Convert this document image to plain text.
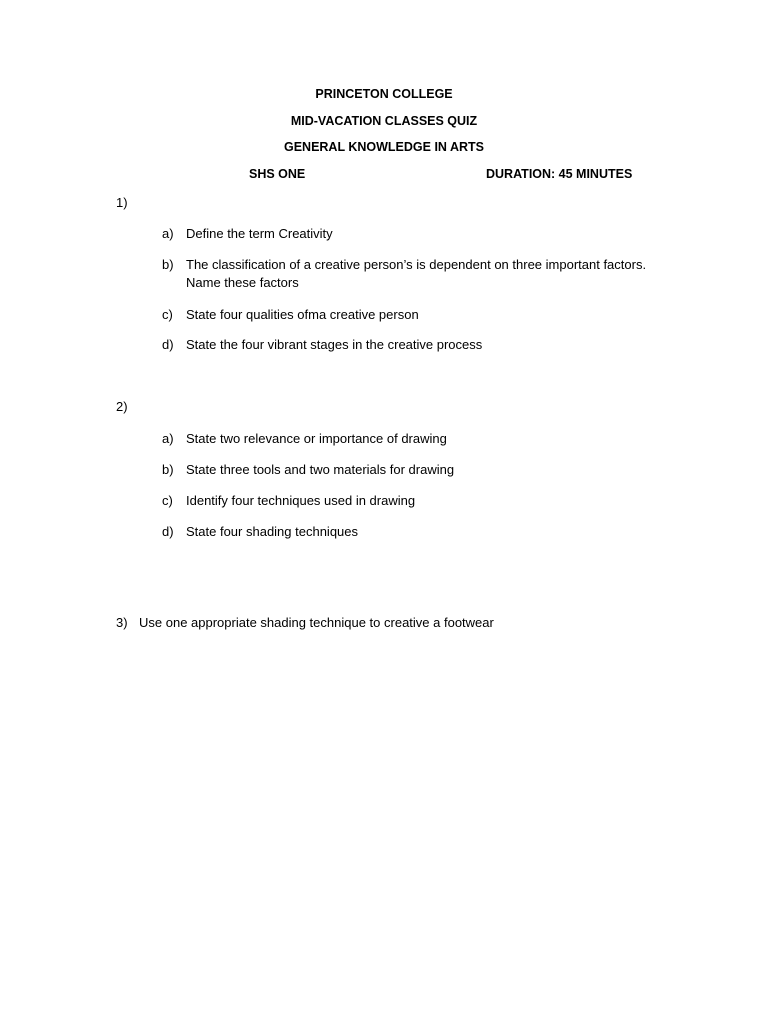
PRINCETON COLLEGE
MID-VACATION CLASSES QUIZ
GENERAL KNOWLEDGE IN ARTS
SHS ONE	DURATION: 45 MINUTES
1)
a) Define the term Creativity
b) The classification of a creative person’s is dependent on three important factors. Name these factors
c) State four qualities ofma creative person
d) State the four vibrant stages in the creative process
2)
a) State two relevance or importance of drawing
b) State three tools and two materials for drawing
c) Identify four techniques used in drawing
d) State four shading techniques
3) Use one appropriate shading technique to creative a footwear
